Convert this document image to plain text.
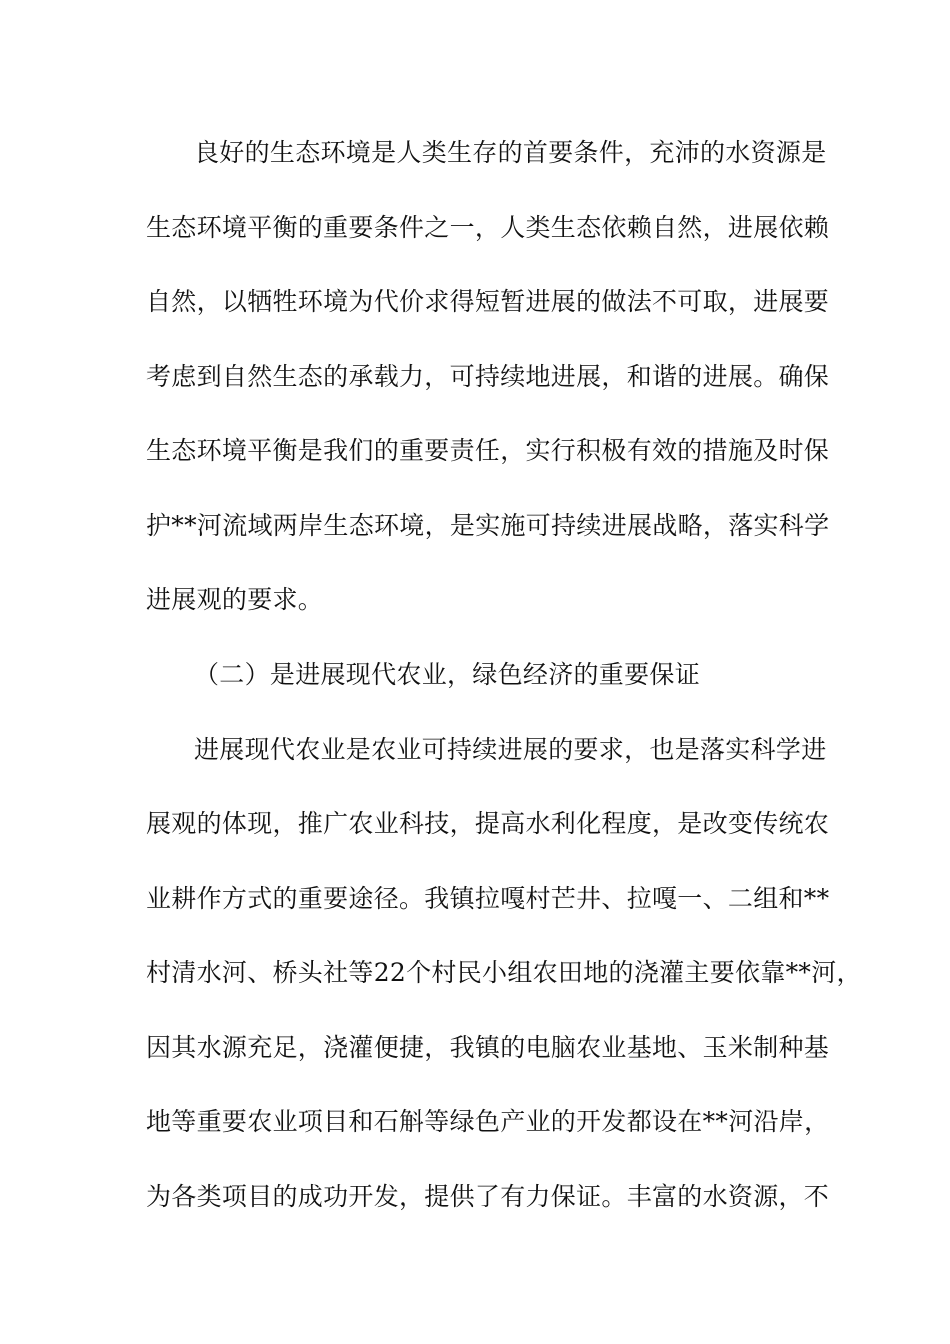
良好的生态环境是人类生存的首要条件，充沛的水资源是
生态环境平衡的重要条件之一，人类生态依赖自然，进展依赖
自然，以牺牲环境为代价求得短暂进展的做法不可取，进展要
考虑到自然生态的承载力，可持续地进展，和谐的进展。确保
生态环境平衡是我们的重要责任，实行积极有效的措施及时保
护**河流域两岸生态环境，是实施可持续进展战略，落实科学
进展观的要求。
（二）是进展现代农业，绿色经济的重要保证
进展现代农业是农业可持续进展的要求，也是落实科学进
展观的体现，推广农业科技，提高水利化程度，是改变传统农
业耕作方式的重要途径。我镇拉嘎村芒井、拉嘎一、二组和**
村清水河、桥头社等22个村民小组农田地的浇灌主要依靠**河，
因其水源充足，浇灌便捷，我镇的电脑农业基地、玉米制种基
地等重要农业项目和石斛等绿色产业的开发都设在**河沿岸，
为各类项目的成功开发，提供了有力保证。丰富的水资源，不
